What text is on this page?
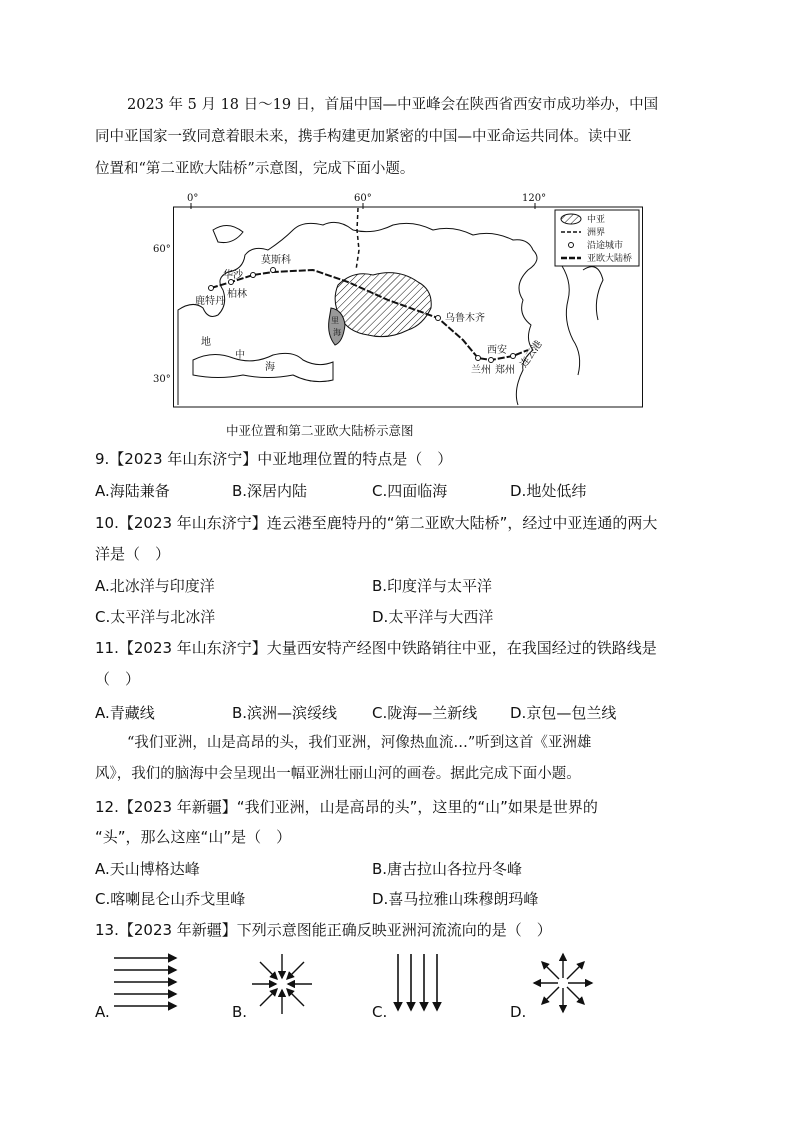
2023 年 5 月 18 日～19 日，首届中国—中亚峰会在陕西省西安市成功举办，中国
同中亚国家一致同意着眼未来，携手构建更加紧密的中国—中亚命运共同体。读中亚
位置和“第二亚欧大陆桥”示意图，完成下面小题。
0°	60°	120°
60°
30°
莫斯科
华沙
柏林
鹿特丹
乌鲁木齐
西安
兰州 郑州
连云港
地
中
海
里
海
中亚
洲界
沿途城市
亚欧大陆桥
中亚位置和第二亚欧大陆桥示意图
9.【2023 年山东济宁】中亚地理位置的特点是（　）
A.海陆兼备	B.深居内陆	C.四面临海	D.地处低纬
10.【2023 年山东济宁】连云港至鹿特丹的“第二亚欧大陆桥”，经过中亚连通的两大
洋是（　）
A.北冰洋与印度洋	B.印度洋与太平洋
C.太平洋与北冰洋	D.太平洋与大西洋
11.【2023 年山东济宁】大量西安特产经图中铁路销往中亚，在我国经过的铁路线是
（　）
A.青藏线	B.滨洲—滨绥线 C.陇海—兰新线 D.京包—包兰线
“我们亚洲，山是高昂的头，我们亚洲，河像热血流…”听到这首《亚洲雄
风》，我们的脑海中会呈现出一幅亚洲壮丽山河的画卷。据此完成下面小题。
12.【2023 年新疆】“我们亚洲，山是高昂的头”，这里的“山”如果是世界的
“头”，那么这座“山”是（　）
A.天山博格达峰	B.唐古拉山各拉丹冬峰
C.喀喇昆仑山乔戈里峰	D.喜马拉雅山珠穆朗玛峰
13.【2023 年新疆】下列示意图能正确反映亚洲河流流向的是（　）
A.	B.	C.	D.
